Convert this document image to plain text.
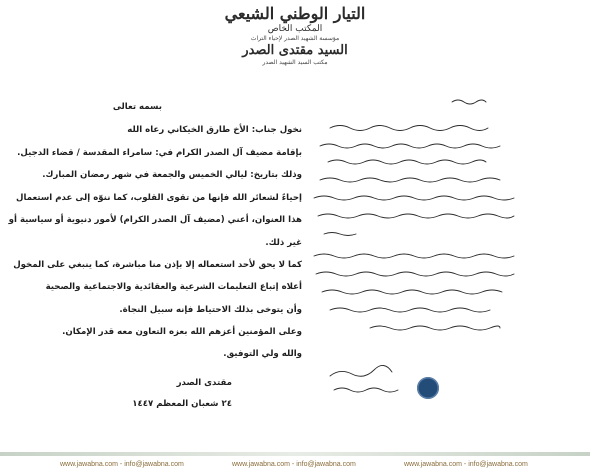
التيار الوطني الشيعي
المكتب الخاص
مؤسسة الشهيد الصدر لإحياء التراث
السيد مقتدى الصدر
مكتب السيد الشهيد الصدر
بسمه تعالى
نخول جناب: الأخ طارق الخيكاني رعاه الله
بإقامة مضيف آل الصدر الكرام في: سامراء المقدسة / قضاء الدجيل.
وذلك بتاريخ: ليالي الخميس والجمعة في شهر رمضان المبارك.
إحياءً لشعائر الله فإنها من تقوى القلوب، كما ننوّه إلى عدم استعمال
هذا العنوان، أعني (مضيف آل الصدر الكرام) لأمور دنيوية أو سياسية أو
غير ذلك.
كما لا يحق لأحد استعماله إلا بإذن منا مباشرة، كما ينبغي على المخول
أعلاه إتباع التعليمات الشرعية والعقائدية والاجتماعية والصحية
وأن يتوخى بذلك الاحتياط فإنه سبيل النجاة.
وعلى المؤمنين أعزهم الله بعزه التعاون معه قدر الإمكان.
والله ولي التوفيق.
مقتدى الصدر
٢٤ شعبان المعظم ١٤٤٧
www.jawabna.com - info@jawabna.com	www.jawabna.com - info@jawabna.com	www.jawabna.com - info@jawabna.com
